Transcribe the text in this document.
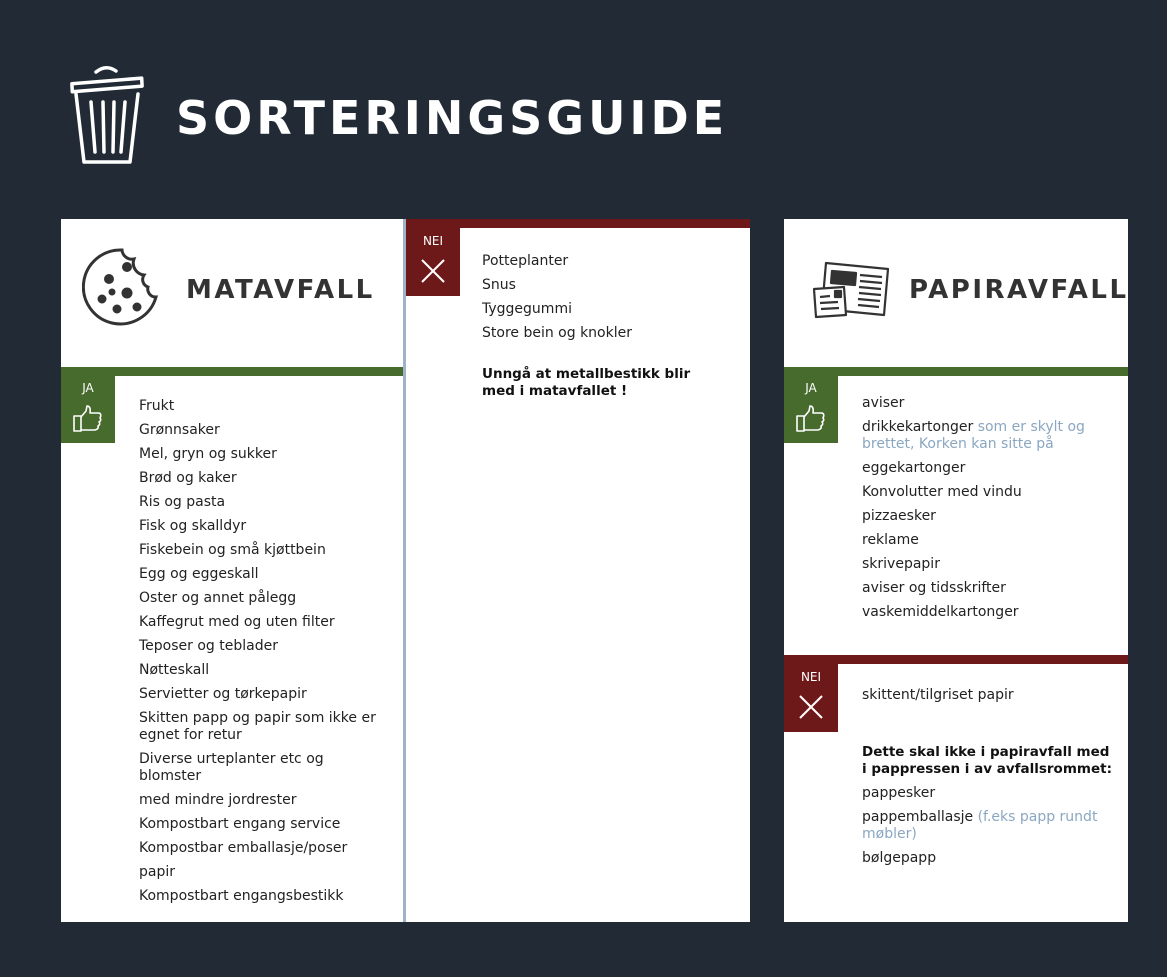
SORTERINGSGUIDE
MATAVFALL
JA
Frukt
Grønnsaker
Mel, gryn og sukker
Brød og kaker
Ris og pasta
Fisk og skalldyr
Fiskebein og små kjøttbein
Egg og eggeskall
Oster og annet pålegg
Kaffegrut med og uten filter
Teposer og teblader
Nøtteskall
Servietter og tørkepapir
Skitten papp og papir som ikke er egnet for retur
Diverse urteplanter etc og blomster
med mindre jordrester
Kompostbart engang service
Kompostbar emballasje/poser
papir
Kompostbart engangsbestikk
NEI
Potteplanter
Snus
Tyggegummi
Store bein og knokler
Unngå at metallbestikk blir med i matavfallet !
PAPIRAVFALL
JA
aviser
drikkekartonger som er skylt og brettet, Korken kan sitte på
eggekartonger
Konvolutter med vindu
pizzaesker
reklame
skrivepapir
aviser og tidsskrifter
vaskemiddelkartonger
NEI
skittent/tilgriset papir
Dette skal ikke i papiravfall med i pappressen i av avfallsrommet:
pappesker
pappemballasje (f.eks papp rundt møbler)
bølgepapp
